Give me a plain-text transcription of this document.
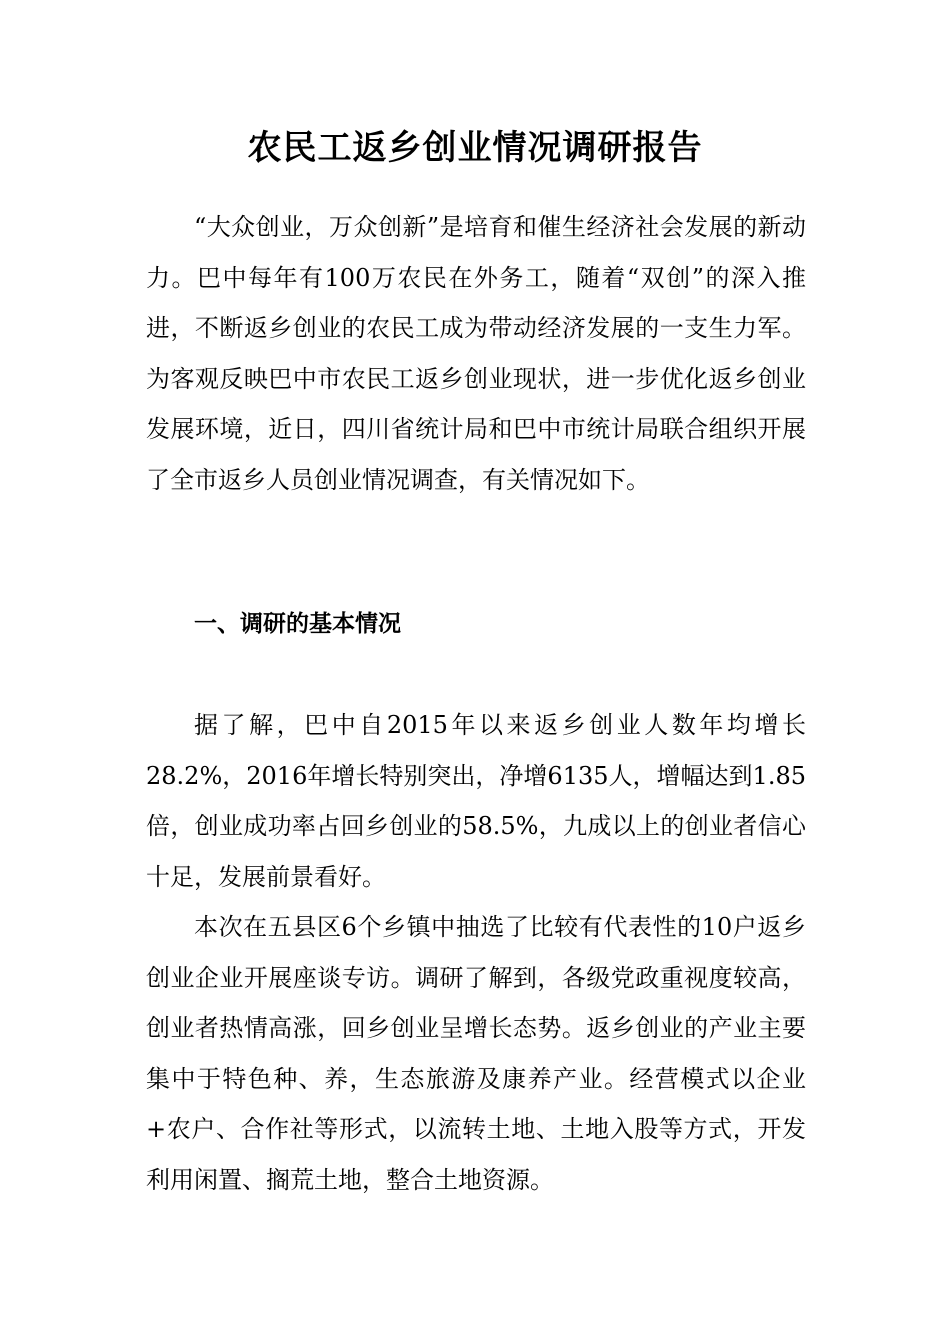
农民工返乡创业情况调研报告

“大众创业，万众创新”是培育和催生经济社会发展的新动力。巴中每年有100万农民在外务工，随着“双创”的深入推进，不断返乡创业的农民工成为带动经济发展的一支生力军。为客观反映巴中市农民工返乡创业现状，进一步优化返乡创业发展环境，近日，四川省统计局和巴中市统计局联合组织开展了全市返乡人员创业情况调查，有关情况如下。

一、调研的基本情况

据了解，巴中自2015年以来返乡创业人数年均增长28.2%，2016年增长特别突出，净增6135人，增幅达到1.85倍，创业成功率占回乡创业的58.5%，九成以上的创业者信心十足，发展前景看好。

本次在五县区6个乡镇中抽选了比较有代表性的10户返乡创业企业开展座谈专访。调研了解到，各级党政重视度较高，创业者热情高涨，回乡创业呈增长态势。返乡创业的产业主要集中于特色种、养，生态旅游及康养产业。经营模式以企业+农户、合作社等形式，以流转土地、土地入股等方式，开发利用闲置、搁荒土地，整合土地资源。
